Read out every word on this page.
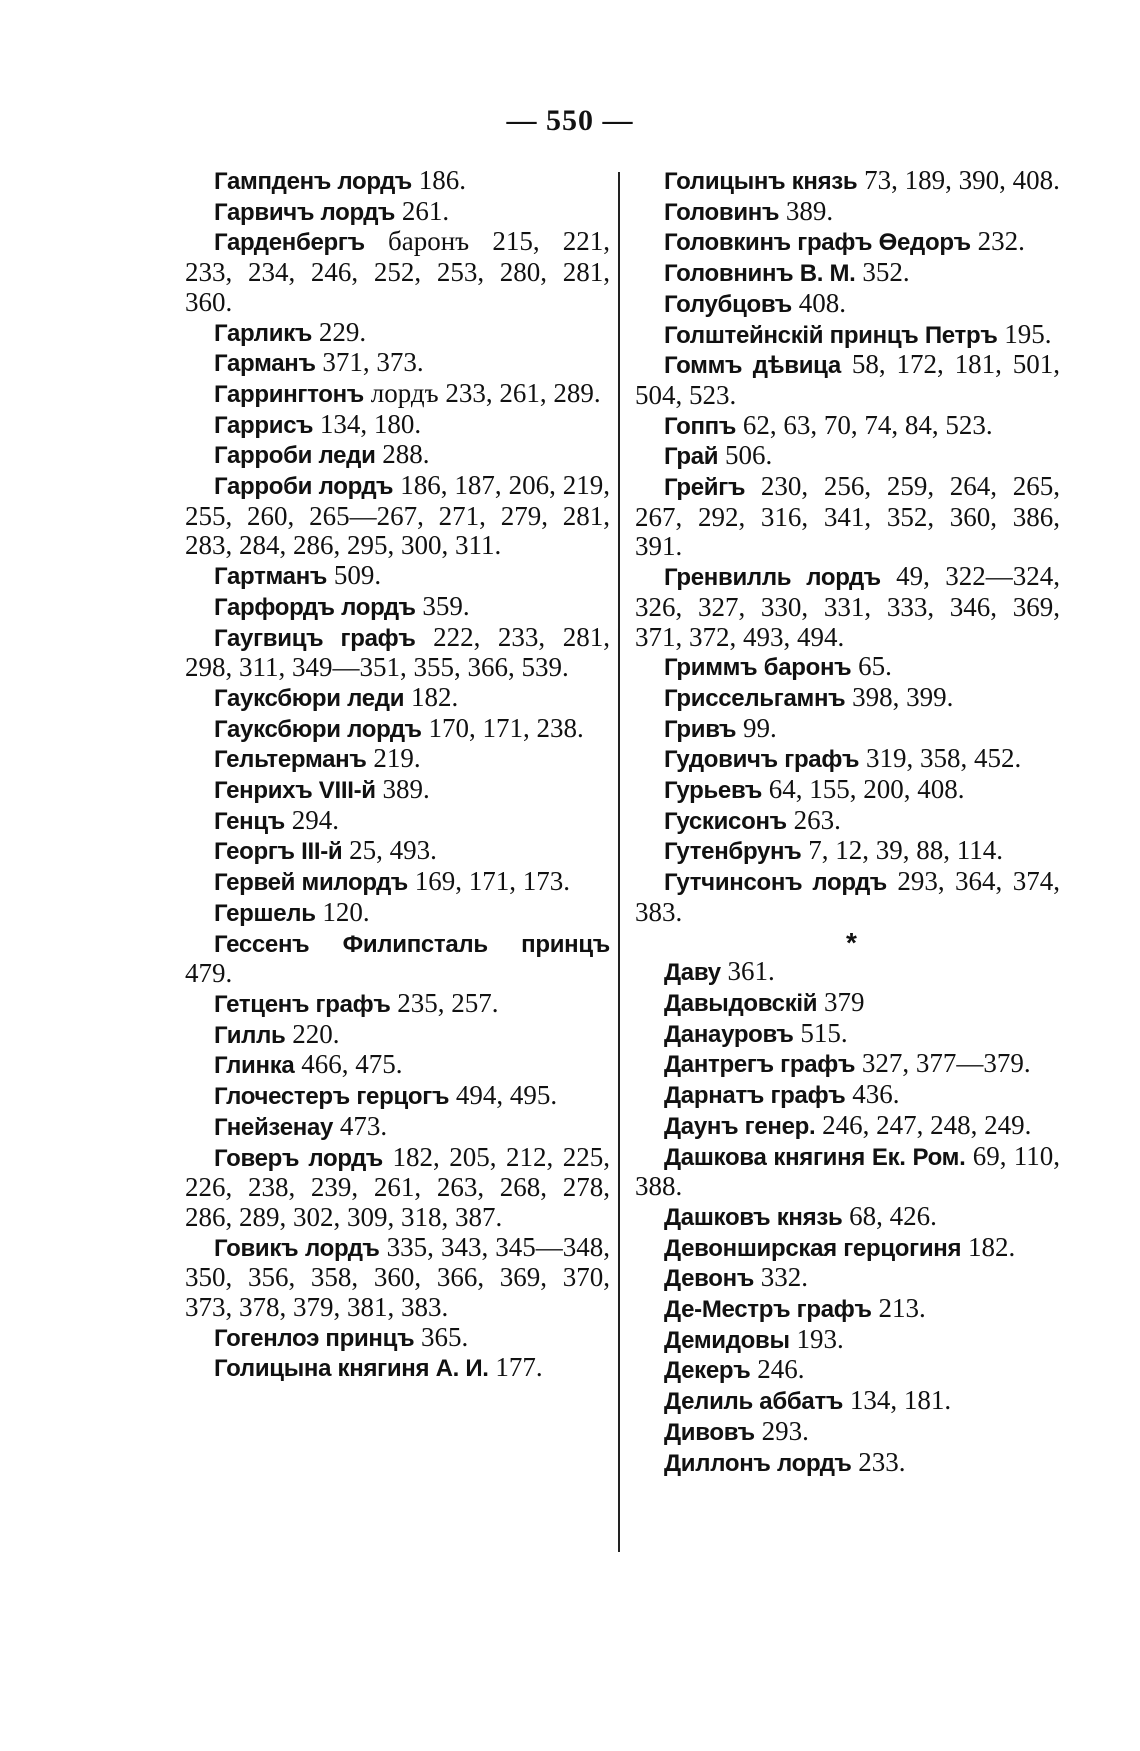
— 550 —

Гампденъ лордъ 186.

Гарвичъ лордъ 261.

Гарденбергъ баронъ 215, 221, 233, 234, 246, 252, 253, 280, 281, 360.

Гарликъ 229.

Гарманъ 371, 373.

Гаррингтонъ лордъ 233, 261, 289.

Гаррисъ 134, 180.

Гарроби леди 288.

Гарроби лордъ 186, 187, 206, 219, 255, 260, 265—267, 271, 279, 281, 283, 284, 286, 295, 300, 311.

Гартманъ 509.

Гарфордъ лордъ 359.

Гаугвицъ графъ 222, 233, 281, 298, 311, 349—351, 355, 366, 539.

Гауксбюри леди 182.

Гауксбюри лордъ 170, 171, 238.

Гельтерманъ 219.

Генрихъ VIII-й 389.

Генцъ 294.

Георгъ III-й 25, 493.

Гервей милордъ 169, 171, 173.

Гершель 120.

Гессенъ Филипсталь принцъ 479.

Гетценъ графъ 235, 257.

Гилль 220.

Глинка 466, 475.

Глочестеръ герцогъ 494, 495.

Гнейзенау 473.

Говеръ лордъ 182, 205, 212, 225, 226, 238, 239, 261, 263, 268, 278, 286, 289, 302, 309, 318, 387.

Говикъ лордъ 335, 343, 345—348, 350, 356, 358, 360, 366, 369, 370, 373, 378, 379, 381, 383.

Гогенлоэ принцъ 365.

Голицына княгиня А. И. 177.

Голицынъ князь 73, 189, 390, 408.

Головинъ 389.

Головкинъ графъ Өедоръ 232.

Головнинъ В. М. 352.

Голубцовъ 408.

Голштейнскій принцъ Петръ 195.

Гоммъ дѣвица 58, 172, 181, 501, 504, 523.

Гоппъ 62, 63, 70, 74, 84, 523.

Грай 506.

Грейгъ 230, 256, 259, 264, 265, 267, 292, 316, 341, 352, 360, 386, 391.

Гренвилль лордъ 49, 322—324, 326, 327, 330, 331, 333, 346, 369, 371, 372, 493, 494.

Гриммъ баронъ 65.

Гриссельгамнъ 398, 399.

Гривъ 99.

Гудовичъ графъ 319, 358, 452.

Гурьевъ 64, 155, 200, 408.

Гускисонъ 263.

Гутенбрунъ 7, 12, 39, 88, 114.

Гутчинсонъ лордъ 293, 364, 374, 383.

*

Даву 361.

Давыдовскій 379

Данауровъ 515.

Дантрегъ графъ 327, 377—379.

Дарнатъ графъ 436.

Даунъ генер. 246, 247, 248, 249.

Дашкова княгиня Ек. Ром. 69, 110, 388.

Дашковъ князь 68, 426.

Девонширская герцогиня 182.

Девонъ 332.

Де-Местръ графъ 213.

Демидовы 193.

Декеръ 246.

Делиль аббатъ 134, 181.

Дивовъ 293.

Диллонъ лордъ 233.
